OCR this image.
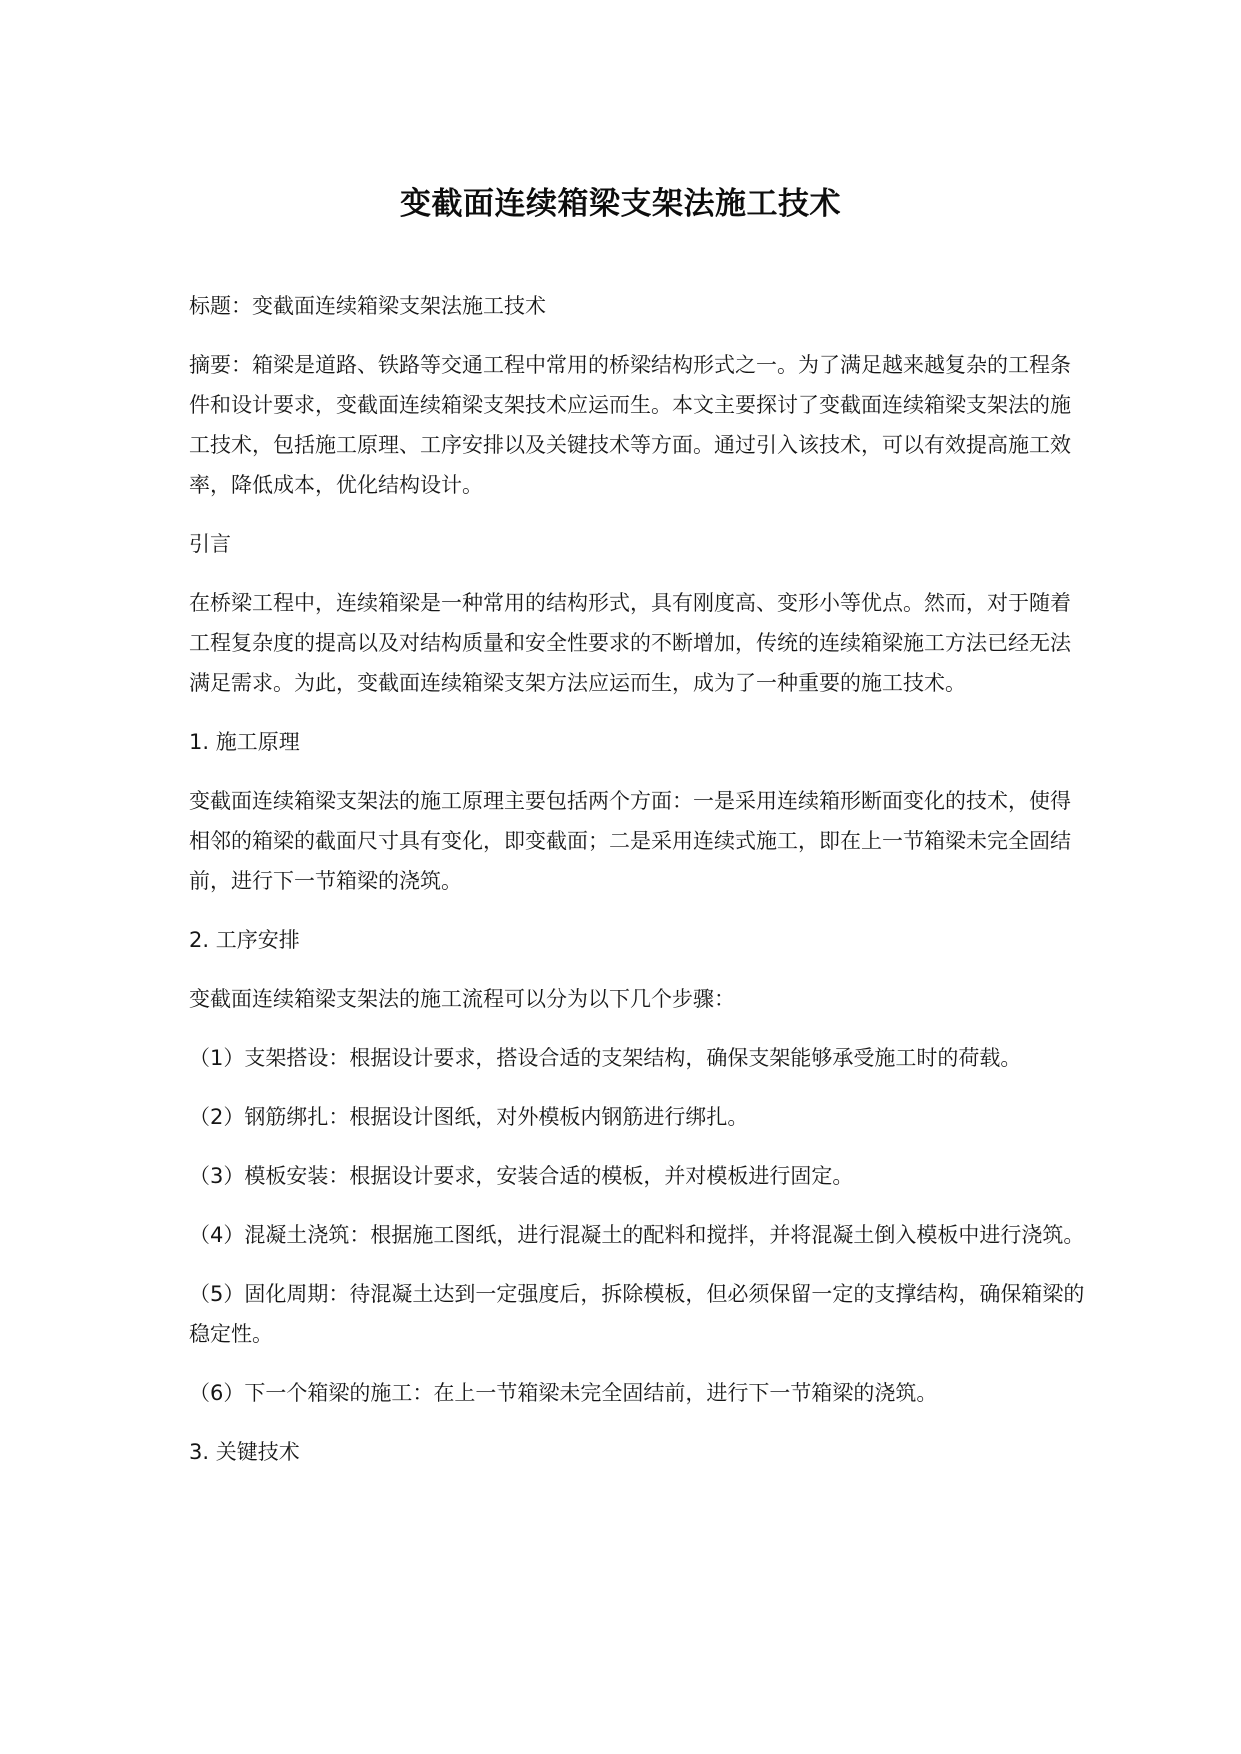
变截面连续箱梁支架法施工技术

标题：变截面连续箱梁支架法施工技术

摘要：箱梁是道路、铁路等交通工程中常用的桥梁结构形式之一。为了满足越来越复杂的工程条件和设计要求，变截面连续箱梁支架技术应运而生。本文主要探讨了变截面连续箱梁支架法的施工技术，包括施工原理、工序安排以及关键技术等方面。通过引入该技术，可以有效提高施工效率，降低成本，优化结构设计。

引言

在桥梁工程中，连续箱梁是一种常用的结构形式，具有刚度高、变形小等优点。然而，对于随着工程复杂度的提高以及对结构质量和安全性要求的不断增加，传统的连续箱梁施工方法已经无法满足需求。为此，变截面连续箱梁支架方法应运而生，成为了一种重要的施工技术。

1. 施工原理

变截面连续箱梁支架法的施工原理主要包括两个方面：一是采用连续箱形断面变化的技术，使得相邻的箱梁的截面尺寸具有变化，即变截面；二是采用连续式施工，即在上一节箱梁未完全固结前，进行下一节箱梁的浇筑。

2. 工序安排

变截面连续箱梁支架法的施工流程可以分为以下几个步骤：

（1）支架搭设：根据设计要求，搭设合适的支架结构，确保支架能够承受施工时的荷载。

（2）钢筋绑扎：根据设计图纸，对外模板内钢筋进行绑扎。

（3）模板安装：根据设计要求，安装合适的模板，并对模板进行固定。

（4）混凝土浇筑：根据施工图纸，进行混凝土的配料和搅拌，并将混凝土倒入模板中进行浇筑。

（5）固化周期：待混凝土达到一定强度后，拆除模板，但必须保留一定的支撑结构，确保箱梁的稳定性。

（6）下一个箱梁的施工：在上一节箱梁未完全固结前，进行下一节箱梁的浇筑。

3. 关键技术
